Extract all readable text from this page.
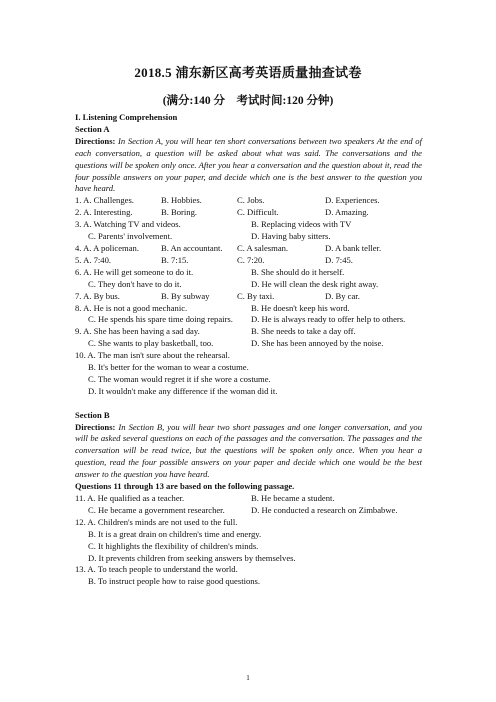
2018.5 浦东新区高考英语质量抽查试卷
(满分:140 分    考试时间:120 分钟)
I. Listening Comprehension
Section A
Directions: In Section A, you will hear ten short conversations between two speakers At the end of each conversation, a question will be asked about what was said. The conversations and the questions will be spoken only once. After you hear a conversation and the question about it, read the four possible answers on your paper, and decide which one is the best answer to the question you have heard.
1. A. Challenges.	B. Hobbies.	C. Jobs.	D. Experiences.
2. A. Interesting.	B. Boring.	C. Difficult.	D. Amazing.
3. A. Watching TV and videos.	B. Replacing videos with TV
C. Parents' involvement.	D. Having baby sitters.
4. A. A policeman.	B. An accountant.	C. A salesman.	D. A bank teller.
5. A. 7:40.	B. 7:15.	C. 7:20.	D. 7:45.
6. A. He will get someone to do it.	B. She should do it herself.
C. They don't have to do it.	D. He will clean the desk right away.
7. A. By bus.	B. By subway	C. By taxi.	D. By car.
8. A. He is not a good mechanic.	B. He doesn't keep his word.
C. He spends his spare time doing repairs.	D. He is always ready to offer help to others.
9. A. She has been having a sad day.	B. She needs to take a day off.
C. She wants to play basketball, too.	D. She has been annoyed by the noise.
10. A. The man isn't sure about the rehearsal.
B. It's better for the woman to wear a costume.
C. The woman would regret it if she wore a costume.
D. It wouldn't make any difference if the woman did it.
Section B
Directions: In Section B, you will hear two short passages and one longer conversation, and you will be asked several questions on each of the passages and the conversation. The passages and the conversation will be read twice, but the questions will be spoken only once. When you hear a question, read the four possible answers on your paper and decide which one would be the best answer to the question you have heard.
Questions 11 through 13 are based on the following passage.
11. A. He qualified as a teacher.	B. He became a student.
C. He became a government researcher.	D. He conducted a research on Zimbabwe.
12. A. Children's minds are not used to the full.
B. It is a great drain on children's time and energy.
C. It highlights the flexibility of children's minds.
D. It prevents children from seeking answers by themselves.
13. A. To teach people to understand the world.
B. To instruct people how to raise good questions.
1
